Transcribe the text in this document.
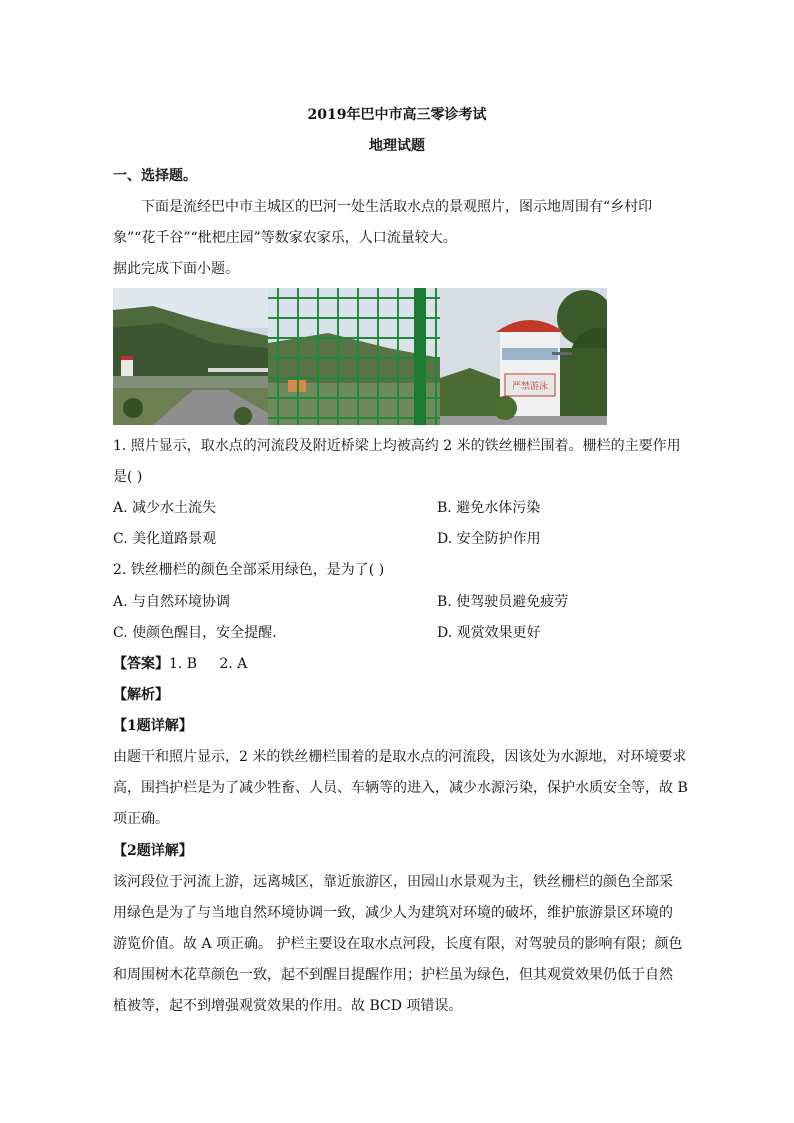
2019年巴中市高三零诊考试
地理试题
一、选择题。
下面是流经巴中市主城区的巴河一处生活取水点的景观照片，图示地周围有“乡村印
象”“花千谷”“枇杷庄园”等数家农家乐，人口流量较大。
据此完成下面小题。
严禁游泳
1. 照片显示，取水点的河流段及附近桥梁上均被高约 2 米的铁丝栅栏围着。栅栏的主要作用
是( )
A. 减少水土流失	B. 避免水体污染
C. 美化道路景观	D. 安全防护作用
2. 铁丝栅栏的颜色全部采用绿色，是为了( )
A. 与自然环境协调	B. 使驾驶员避免疲劳
C. 使颜色醒目，安全提醒.	D. 观赏效果更好
【答案】1. B     2. A
【解析】
【1题详解】
由题干和照片显示，2 米的铁丝栅栏围着的是取水点的河流段，因该处为水源地，对环境要求
高，围挡护栏是为了减少牲畜、人员、车辆等的进入，减少水源污染，保护水质安全等，故 B
项正确。
【2题详解】
该河段位于河流上游，远离城区，靠近旅游区，田园山水景观为主，铁丝栅栏的颜色全部采
用绿色是为了与当地自然环境协调一致，减少人为建筑对环境的破坏，维护旅游景区环境的
游览价值。故 A 项正确。 护栏主要设在取水点河段，长度有限，对驾驶员的影响有限；颜色
和周围树木花草颜色一致，起不到醒目提醒作用；护栏虽为绿色，但其观赏效果仍低于自然
植被等，起不到增强观赏效果的作用。故 BCD 项错误。
